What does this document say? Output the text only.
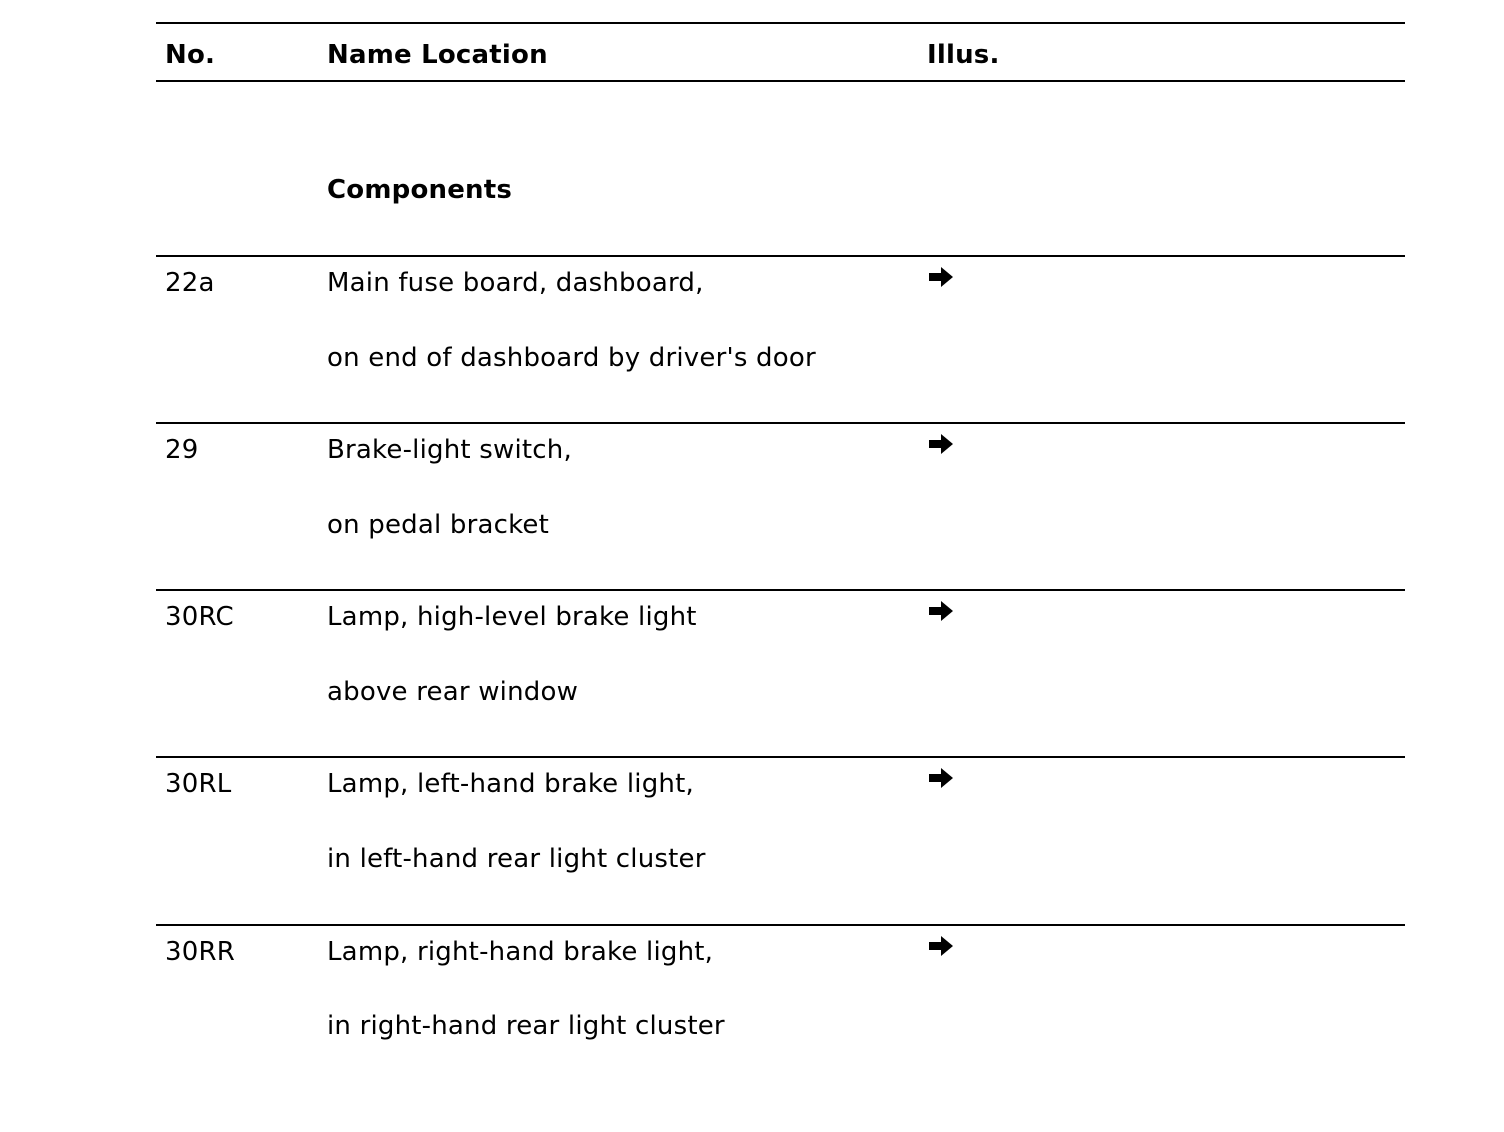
No.	Name Location	Illus.
Components
22a	Main fuse board, dashboard,
on end of dashboard by driver's door
29	Brake-light switch,
on pedal bracket
30RC	Lamp, high-level brake light
above rear window
30RL	Lamp, left-hand brake light,
in left-hand rear light cluster
30RR	Lamp, right-hand brake light,
in right-hand rear light cluster
